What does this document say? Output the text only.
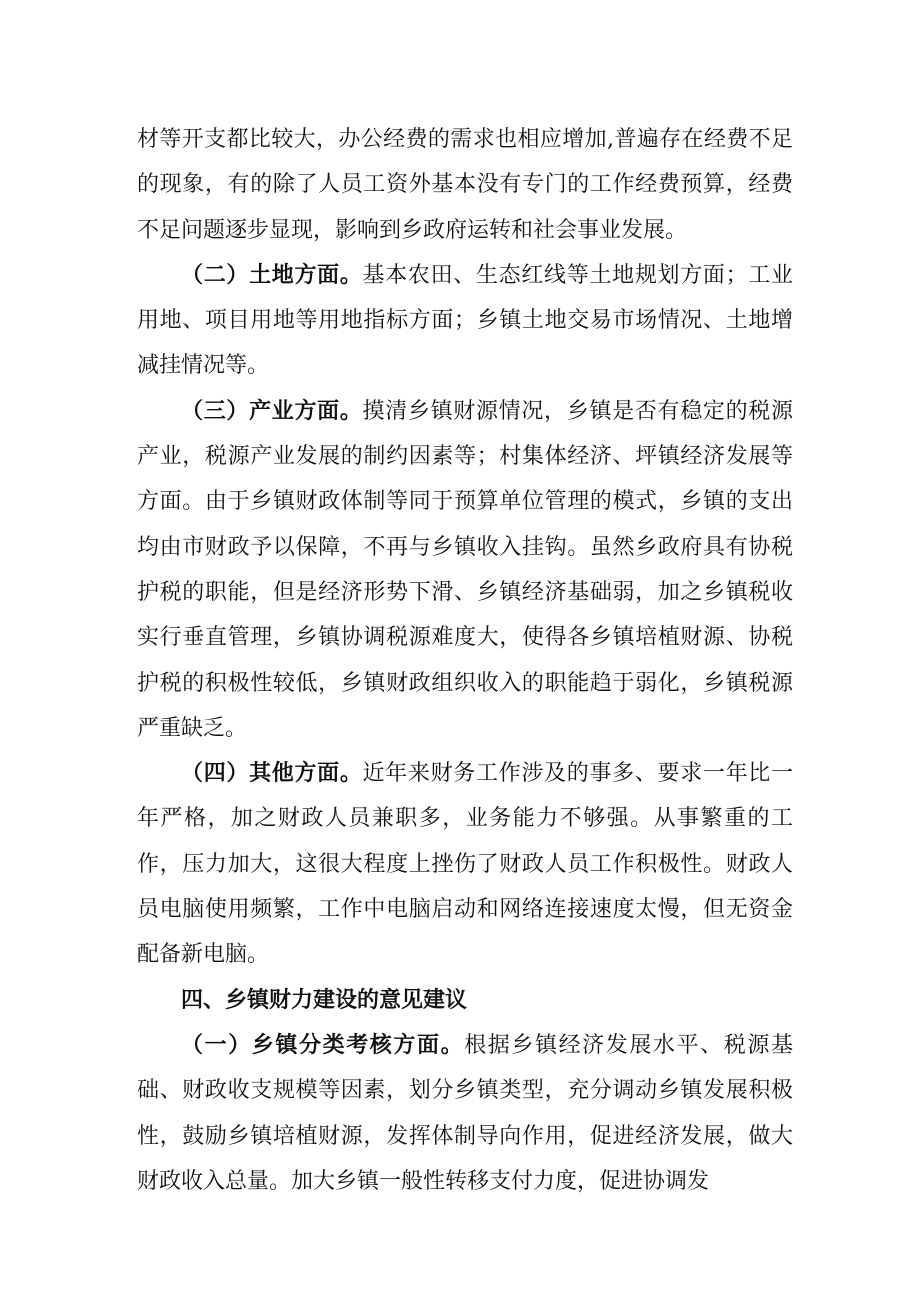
材等开支都比较大，办公经费的需求也相应增加,普遍存在经费不足的现象，有的除了人员工资外基本没有专门的工作经费预算，经费不足问题逐步显现，影响到乡政府运转和社会事业发展。

（二）土地方面。基本农田、生态红线等土地规划方面；工业用地、项目用地等用地指标方面；乡镇土地交易市场情况、土地增减挂情况等。

（三）产业方面。摸清乡镇财源情况，乡镇是否有稳定的税源产业，税源产业发展的制约因素等；村集体经济、坪镇经济发展等方面。由于乡镇财政体制等同于预算单位管理的模式，乡镇的支出均由市财政予以保障，不再与乡镇收入挂钩。虽然乡政府具有协税护税的职能，但是经济形势下滑、乡镇经济基础弱，加之乡镇税收实行垂直管理，乡镇协调税源难度大，使得各乡镇培植财源、协税护税的积极性较低，乡镇财政组织收入的职能趋于弱化，乡镇税源严重缺乏。

（四）其他方面。近年来财务工作涉及的事多、要求一年比一年严格，加之财政人员兼职多，业务能力不够强。从事繁重的工作，压力加大，这很大程度上挫伤了财政人员工作积极性。财政人员电脑使用频繁，工作中电脑启动和网络连接速度太慢，但无资金配备新电脑。

四、乡镇财力建设的意见建议

（一）乡镇分类考核方面。根据乡镇经济发展水平、税源基础、财政收支规模等因素，划分乡镇类型，充分调动乡镇发展积极性，鼓励乡镇培植财源，发挥体制导向作用，促进经济发展，做大财政收入总量。加大乡镇一般性转移支付力度，促进协调发
